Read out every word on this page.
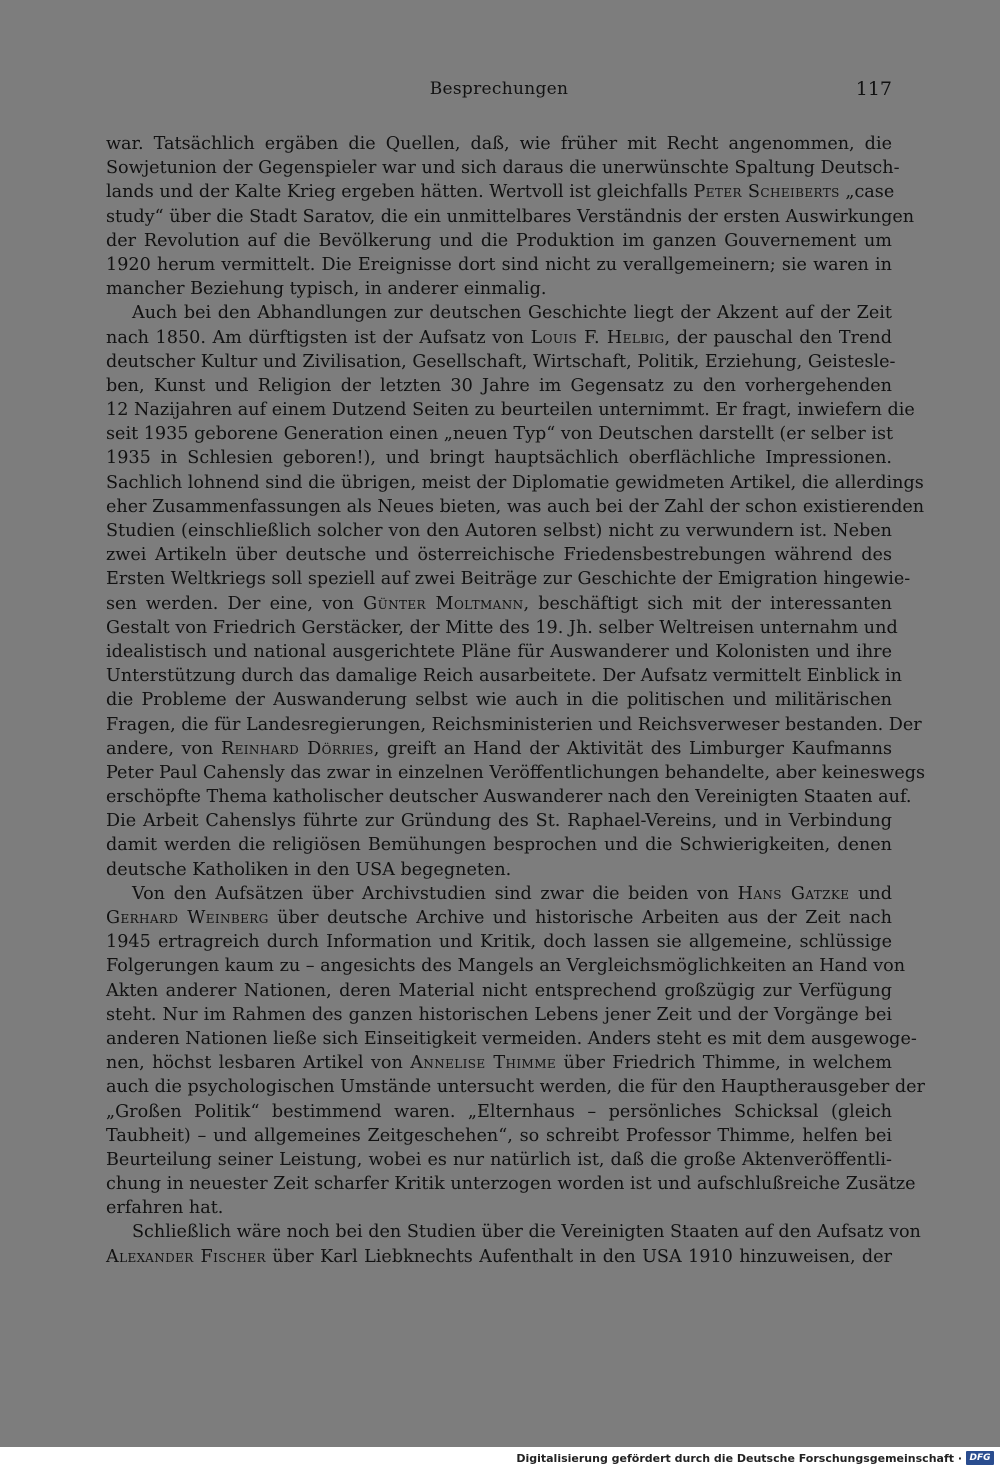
Besprechungen	117
war. Tatsächlich ergäben die Quellen, daß, wie früher mit Recht angenommen, die
Sowjetunion der Gegenspieler war und sich daraus die unerwünschte Spaltung Deutsch-
lands und der Kalte Krieg ergeben hätten. Wertvoll ist gleichfalls Peter Scheiberts „case
study“ über die Stadt Saratov, die ein unmittelbares Verständnis der ersten Auswirkungen
der Revolution auf die Bevölkerung und die Produktion im ganzen Gouvernement um
1920 herum vermittelt. Die Ereignisse dort sind nicht zu verallgemeinern; sie waren in
mancher Beziehung typisch, in anderer einmalig.
Auch bei den Abhandlungen zur deutschen Geschichte liegt der Akzent auf der Zeit
nach 1850. Am dürftigsten ist der Aufsatz von Louis F. Helbig, der pauschal den Trend
deutscher Kultur und Zivilisation, Gesellschaft, Wirtschaft, Politik, Erziehung, Geistesle-
ben, Kunst und Religion der letzten 30 Jahre im Gegensatz zu den vorhergehenden
12 Nazijahren auf einem Dutzend Seiten zu beurteilen unternimmt. Er fragt, inwiefern die
seit 1935 geborene Generation einen „neuen Typ“ von Deutschen darstellt (er selber ist
1935 in Schlesien geboren!), und bringt hauptsächlich oberflächliche Impressionen.
Sachlich lohnend sind die übrigen, meist der Diplomatie gewidmeten Artikel, die allerdings
eher Zusammenfassungen als Neues bieten, was auch bei der Zahl der schon existierenden
Studien (einschließlich solcher von den Autoren selbst) nicht zu verwundern ist. Neben
zwei Artikeln über deutsche und österreichische Friedensbestrebungen während des
Ersten Weltkriegs soll speziell auf zwei Beiträge zur Geschichte der Emigration hingewie-
sen werden. Der eine, von Günter Moltmann, beschäftigt sich mit der interessanten
Gestalt von Friedrich Gerstäcker, der Mitte des 19. Jh. selber Weltreisen unternahm und
idealistisch und national ausgerichtete Pläne für Auswanderer und Kolonisten und ihre
Unterstützung durch das damalige Reich ausarbeitete. Der Aufsatz vermittelt Einblick in
die Probleme der Auswanderung selbst wie auch in die politischen und militärischen
Fragen, die für Landesregierungen, Reichsministerien und Reichsverweser bestanden. Der
andere, von Reinhard Dörries, greift an Hand der Aktivität des Limburger Kaufmanns
Peter Paul Cahensly das zwar in einzelnen Veröffentlichungen behandelte, aber keineswegs
erschöpfte Thema katholischer deutscher Auswanderer nach den Vereinigten Staaten auf.
Die Arbeit Cahenslys führte zur Gründung des St. Raphael-Vereins, und in Verbindung
damit werden die religiösen Bemühungen besprochen und die Schwierigkeiten, denen
deutsche Katholiken in den USA begegneten.
Von den Aufsätzen über Archivstudien sind zwar die beiden von Hans Gatzke und
Gerhard Weinberg über deutsche Archive und historische Arbeiten aus der Zeit nach
1945 ertragreich durch Information und Kritik, doch lassen sie allgemeine, schlüssige
Folgerungen kaum zu – angesichts des Mangels an Vergleichsmöglichkeiten an Hand von
Akten anderer Nationen, deren Material nicht entsprechend großzügig zur Verfügung
steht. Nur im Rahmen des ganzen historischen Lebens jener Zeit und der Vorgänge bei
anderen Nationen ließe sich Einseitigkeit vermeiden. Anders steht es mit dem ausgewoge-
nen, höchst lesbaren Artikel von Annelise Thimme über Friedrich Thimme, in welchem
auch die psychologischen Umstände untersucht werden, die für den Hauptherausgeber der
„Großen Politik“ bestimmend waren. „Elternhaus – persönliches Schicksal (gleich
Taubheit) – und allgemeines Zeitgeschehen“, so schreibt Professor Thimme, helfen bei
Beurteilung seiner Leistung, wobei es nur natürlich ist, daß die große Aktenveröffentli-
chung in neuester Zeit scharfer Kritik unterzogen worden ist und aufschlußreiche Zusätze
erfahren hat.
Schließlich wäre noch bei den Studien über die Vereinigten Staaten auf den Aufsatz von
Alexander Fischer über Karl Liebknechts Aufenthalt in den USA 1910 hinzuweisen, der
Digitalisierung gefördert durch die Deutsche Forschungsgemeinschaft · DFG
